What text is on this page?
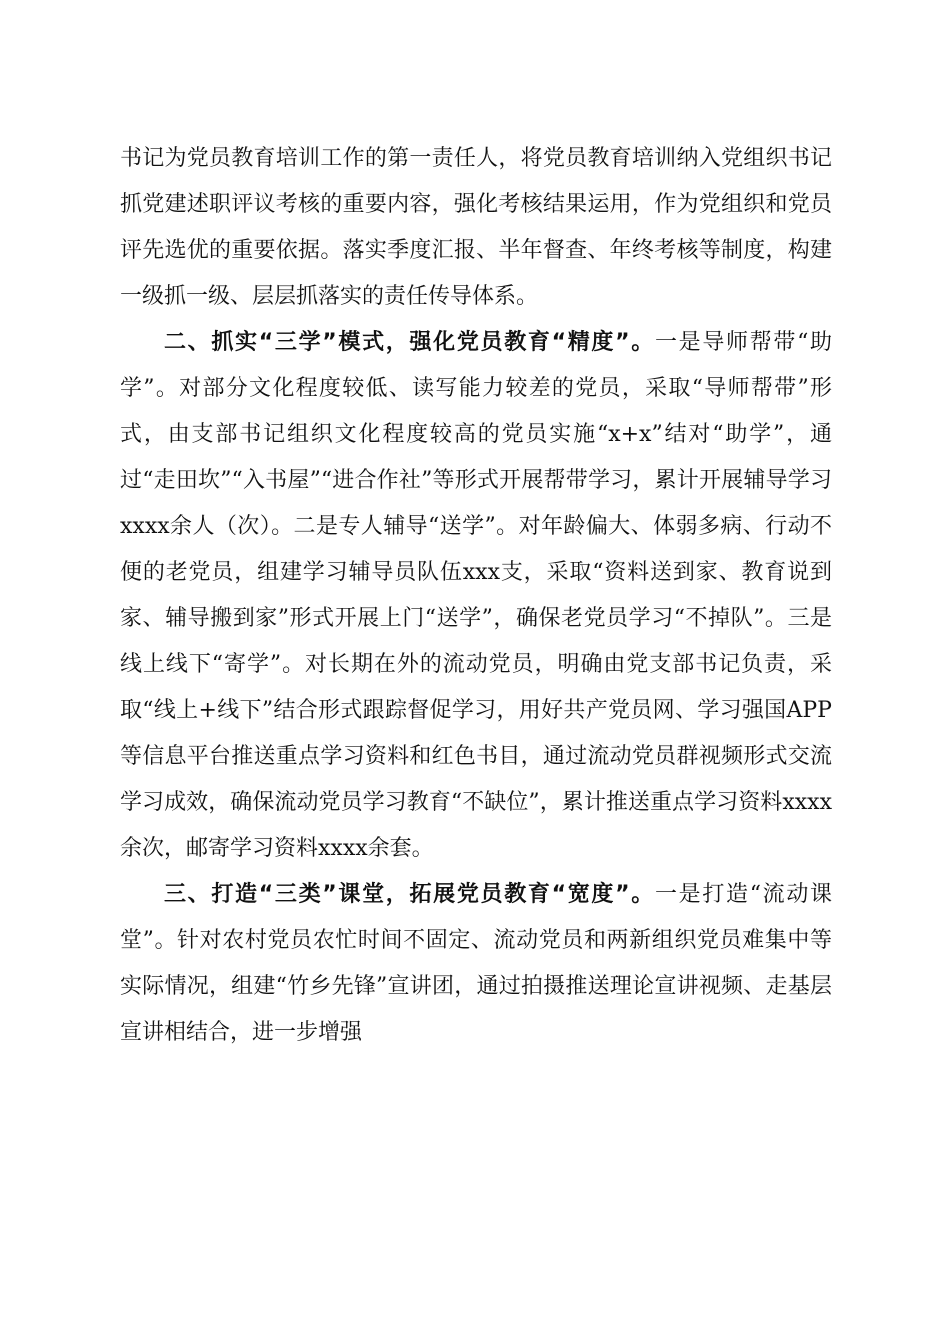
书记为党员教育培训工作的第一责任人，将党员教育培训纳入党组织书记抓党建述职评议考核的重要内容，强化考核结果运用，作为党组织和党员评先选优的重要依据。落实季度汇报、半年督查、年终考核等制度，构建一级抓一级、层层抓落实的责任传导体系。

二、抓实“三学”模式，强化党员教育“精度”。一是导师帮带“助学”。对部分文化程度较低、读写能力较差的党员，采取“导师帮带”形式，由支部书记组织文化程度较高的党员实施“x+x”结对“助学”，通过“走田坎”“入书屋”“进合作社”等形式开展帮带学习，累计开展辅导学习xxxx余人（次）。二是专人辅导“送学”。对年龄偏大、体弱多病、行动不便的老党员，组建学习辅导员队伍xxx支，采取“资料送到家、教育说到家、辅导搬到家”形式开展上门“送学”，确保老党员学习“不掉队”。三是线上线下“寄学”。对长期在外的流动党员，明确由党支部书记负责，采取“线上+线下”结合形式跟踪督促学习，用好共产党员网、学习强国APP等信息平台推送重点学习资料和红色书目，通过流动党员群视频形式交流学习成效，确保流动党员学习教育“不缺位”，累计推送重点学习资料xxxx余次，邮寄学习资料xxxx余套。

三、打造“三类”课堂，拓展党员教育“宽度”。一是打造“流动课堂”。针对农村党员农忙时间不固定、流动党员和两新组织党员难集中等实际情况，组建“竹乡先锋”宣讲团，通过拍摄推送理论宣讲视频、走基层宣讲相结合，进一步增强
